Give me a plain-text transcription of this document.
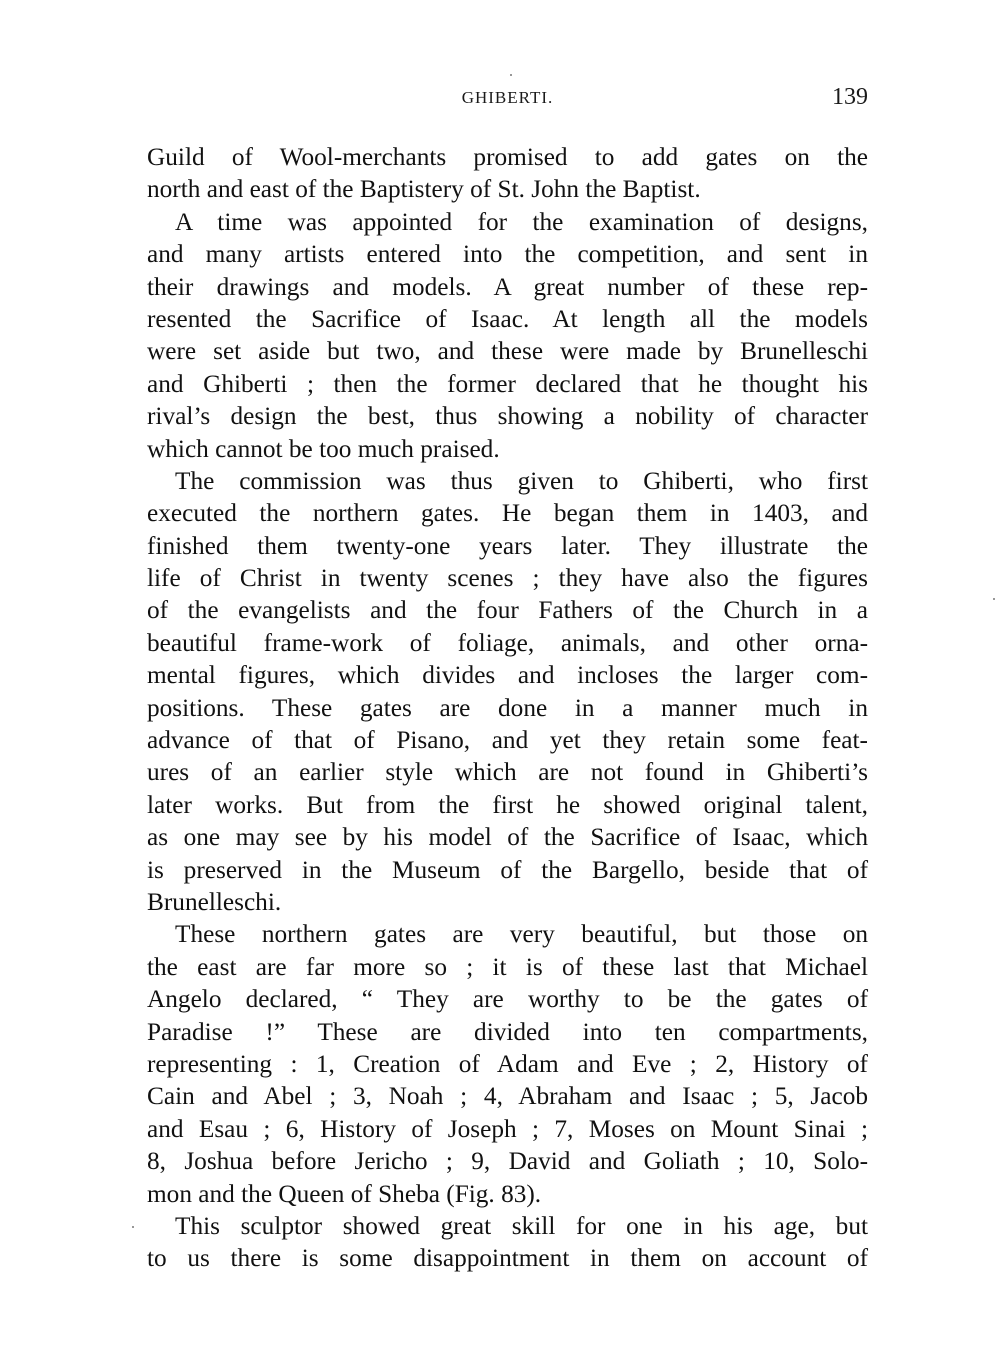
GHIBERTI.	139
Guild of Wool-merchants promised to add gates on the
north and east of the Baptistery of St. John the Baptist.
A time was appointed for the examination of designs,
and many artists entered into the competition, and sent in
their drawings and models. A great number of these rep-
resented the Sacrifice of Isaac. At length all the models
were set aside but two, and these were made by Brunelleschi
and Ghiberti ; then the former declared that he thought his
rival’s design the best, thus showing a nobility of character
which cannot be too much praised.
The commission was thus given to Ghiberti, who first
executed the northern gates. He began them in 1403, and
finished them twenty-one years later. They illustrate the
life of Christ in twenty scenes ; they have also the figures
of the evangelists and the four Fathers of the Church in a
beautiful frame-work of foliage, animals, and other orna-
mental figures, which divides and incloses the larger com-
positions. These gates are done in a manner much in
advance of that of Pisano, and yet they retain some feat-
ures of an earlier style which are not found in Ghiberti’s
later works. But from the first he showed original talent,
as one may see by his model of the Sacrifice of Isaac, which
is preserved in the Museum of the Bargello, beside that of
Brunelleschi.
These northern gates are very beautiful, but those on
the east are far more so ; it is of these last that Michael
Angelo declared, “ They are worthy to be the gates of
Paradise !” These are divided into ten compartments,
representing : 1, Creation of Adam and Eve ; 2, History of
Cain and Abel ; 3, Noah ; 4, Abraham and Isaac ; 5, Jacob
and Esau ; 6, History of Joseph ; 7, Moses on Mount Sinai ;
8, Joshua before Jericho ; 9, David and Goliath ; 10, Solo-
mon and the Queen of Sheba (Fig. 83).
This sculptor showed great skill for one in his age, but
to us there is some disappointment in them on account of
